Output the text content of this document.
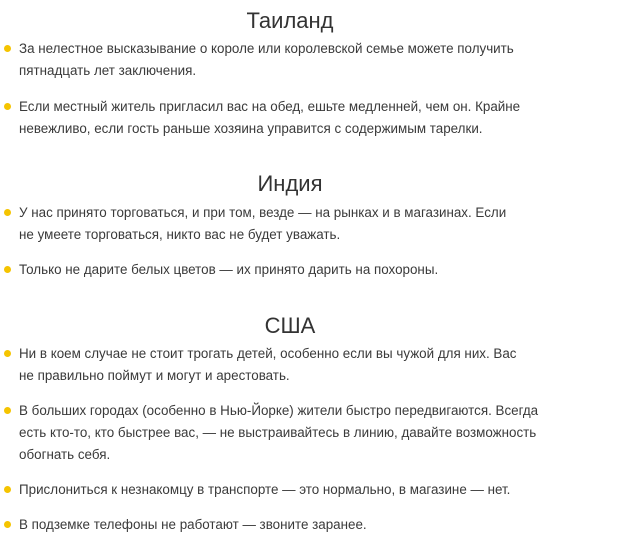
Таиланд
За нелестное высказывание о короле или королевской семье можете получить
пятнадцать лет заключения.
Если местный житель пригласил вас на обед, ешьте медленней, чем он. Крайне
невежливо, если гость раньше хозяина управится с содержимым тарелки.
Индия
У нас принято торговаться, и при том, везде — на рынках и в магазинах. Если
не умеете торговаться, никто вас не будет уважать.
Только не дарите белых цветов — их принято дарить на похороны.
США
Ни в коем случае не стоит трогать детей, особенно если вы чужой для них. Вас
не правильно поймут и могут и арестовать.
В больших городах (особенно в Нью-Йорке) жители быстро передвигаются. Всегда
есть кто-то, кто быстрее вас, — не выстраивайтесь в линию, давайте возможность
обогнать себя.
Прислониться к незнакомцу в транспорте — это нормально, в магазине — нет.
В подземке телефоны не работают — звоните заранее.
